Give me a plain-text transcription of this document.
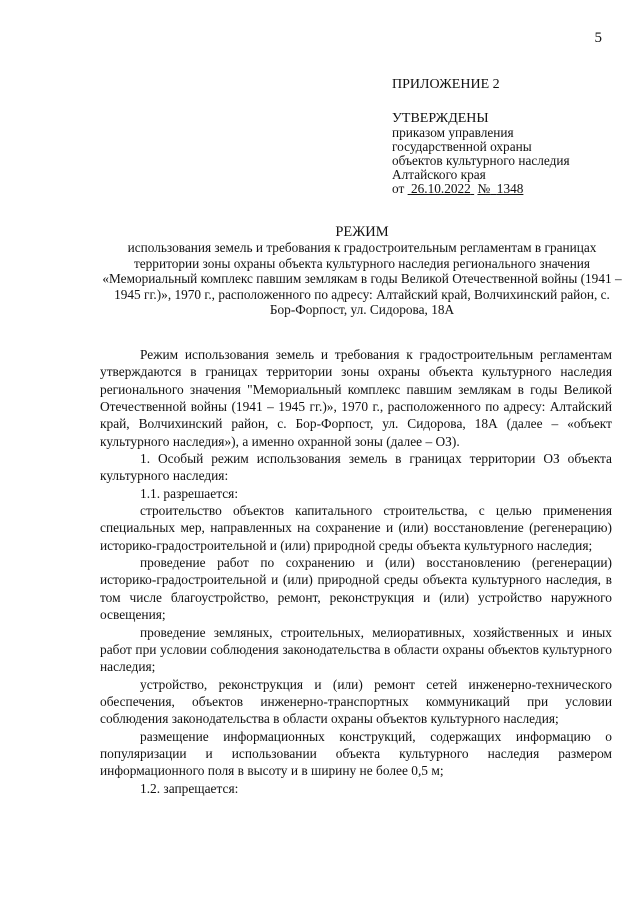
5
ПРИЛОЖЕНИЕ 2
УТВЕРЖДЕНЫ
приказом управления
государственной охраны
объектов культурного наследия
Алтайского края
от 26.10.2022 № 1348
РЕЖИМ
использования земель и требования к градостроительным регламентам в границах территории зоны охраны объекта культурного наследия регионального значения «Мемориальный комплекс павшим землякам в годы Великой Отечественной войны (1941 – 1945 гг.)», 1970 г., расположенного по адресу: Алтайский край, Волчихинский район, с. Бор-Форпост, ул. Сидорова, 18А

Режим использования земель и требования к градостроительным регламентам утверждаются в границах территории зоны охраны объекта культурного наследия регионального значения "Мемориальный комплекс павшим землякам в годы Великой Отечественной войны (1941 – 1945 гг.)», 1970 г., расположенного по адресу: Алтайский край, Волчихинский район, с. Бор-Форпост, ул. Сидорова, 18А (далее – «объект культурного наследия»), а именно охранной зоны (далее – ОЗ).

1. Особый режим использования земель в границах территории ОЗ объекта культурного наследия:

1.1. разрешается:

строительство объектов капитального строительства, с целью применения специальных мер, направленных на сохранение и (или) восстановление (регенерацию) историко-градостроительной и (или) природной среды объекта культурного наследия;

проведение работ по сохранению и (или) восстановлению (регенерации) историко-градостроительной и (или) природной среды объекта культурного наследия, в том числе благоустройство, ремонт, реконструкция и (или) устройство наружного освещения;

проведение земляных, строительных, мелиоративных, хозяйственных и иных работ при условии соблюдения законодательства в области охраны объектов культурного наследия;

устройство, реконструкция и (или) ремонт сетей инженерно-технического обеспечения, объектов инженерно-транспортных коммуникаций при условии соблюдения законодательства в области охраны объектов культурного наследия;

размещение информационных конструкций, содержащих информацию о популяризации и использовании объекта культурного наследия размером информационного поля в высоту и в ширину не более 0,5 м;

1.2. запрещается:
